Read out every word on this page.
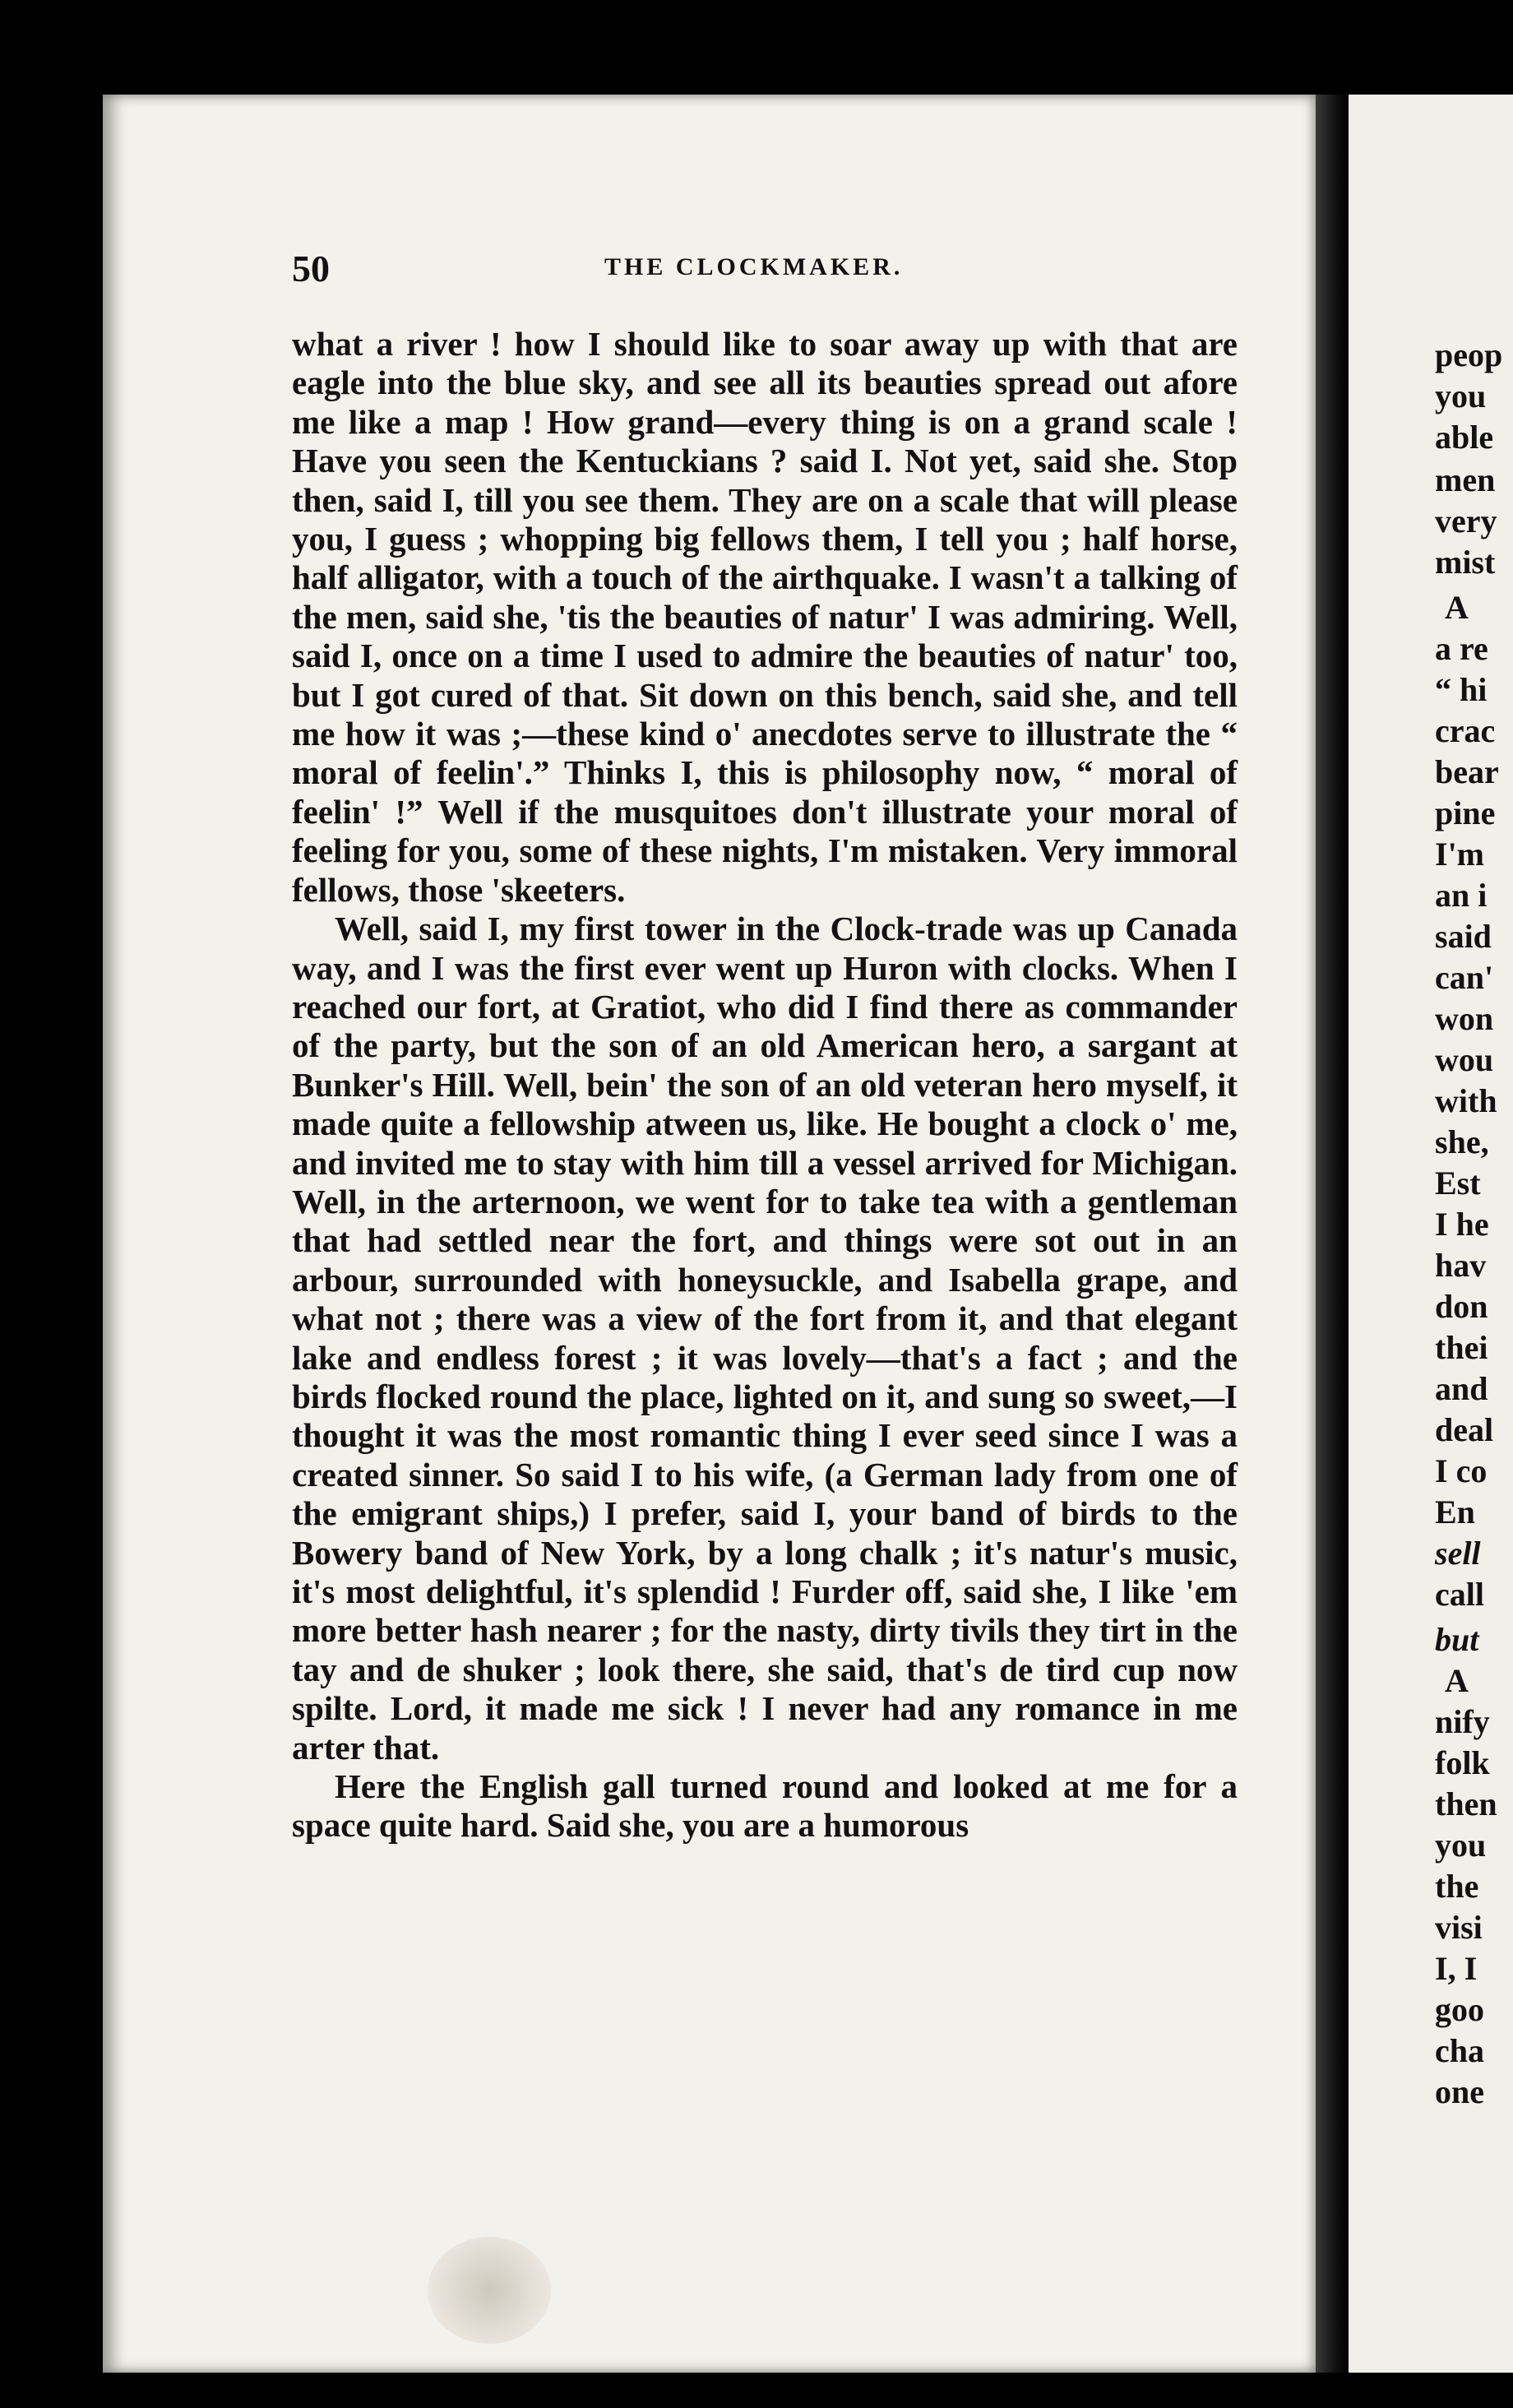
50	THE CLOCKMAKER.

what a river ! how I should like to soar away up with that are eagle into the blue sky, and see all its beauties spread out afore me like a map ! How grand—every thing is on a grand scale ! Have you seen the Kentuckians ? said I. Not yet, said she. Stop then, said I, till you see them. They are on a scale that will please you, I guess ; whopping big fellows them, I tell you ; half horse, half alligator, with a touch of the airthquake. I wasn't a talking of the men, said she, 'tis the beauties of natur' I was admiring. Well, said I, once on a time I used to admire the beauties of natur' too, but I got cured of that. Sit down on this bench, said she, and tell me how it was ;—these kind o' anecdotes serve to illustrate the “ moral of feelin'.” Thinks I, this is philosophy now, “ moral of feelin' !” Well if the musquitoes don't illustrate your moral of feeling for you, some of these nights, I'm mistaken. Very immoral fellows, those 'skeeters.

Well, said I, my first tower in the Clock-trade was up Canada way, and I was the first ever went up Huron with clocks. When I reached our fort, at Gratiot, who did I find there as commander of the party, but the son of an old American hero, a sargant at Bunker's Hill. Well, bein' the son of an old veteran hero myself, it made quite a fellowship atween us, like. He bought a clock o' me, and invited me to stay with him till a vessel arrived for Michigan. Well, in the arternoon, we went for to take tea with a gentleman that had settled near the fort, and things were sot out in an arbour, surrounded with honeysuckle, and Isabella grape, and what not ; there was a view of the fort from it, and that elegant lake and endless forest ; it was lovely—that's a fact ; and the birds flocked round the place, lighted on it, and sung so sweet,—I thought it was the most romantic thing I ever seed since I was a created sinner. So said I to his wife, (a German lady from one of the emigrant ships,) I prefer, said I, your band of birds to the Bowery band of New York, by a long chalk ; it's natur's music, it's most delightful, it's splendid ! Furder off, said she, I like 'em more better hash nearer ; for the nasty, dirty tivils they tirt in the tay and de shuker ; look there, she said, that's de tird cup now spilte. Lord, it made me sick ! I never had any romance in me arter that.

Here the English gall turned round and looked at me for a space quite hard. Said she, you are a humorous

peop
you
able
men
very
mist
A
a re
“ hi
crac
bear
pine
I'm
an i
said
can'
won
wou
with
she,
Est
I he
hav
don
thei
and
deal
I co
En
sell
call
but
A
nify
folk
then
you
the
visi
I, I
goo
cha
one
